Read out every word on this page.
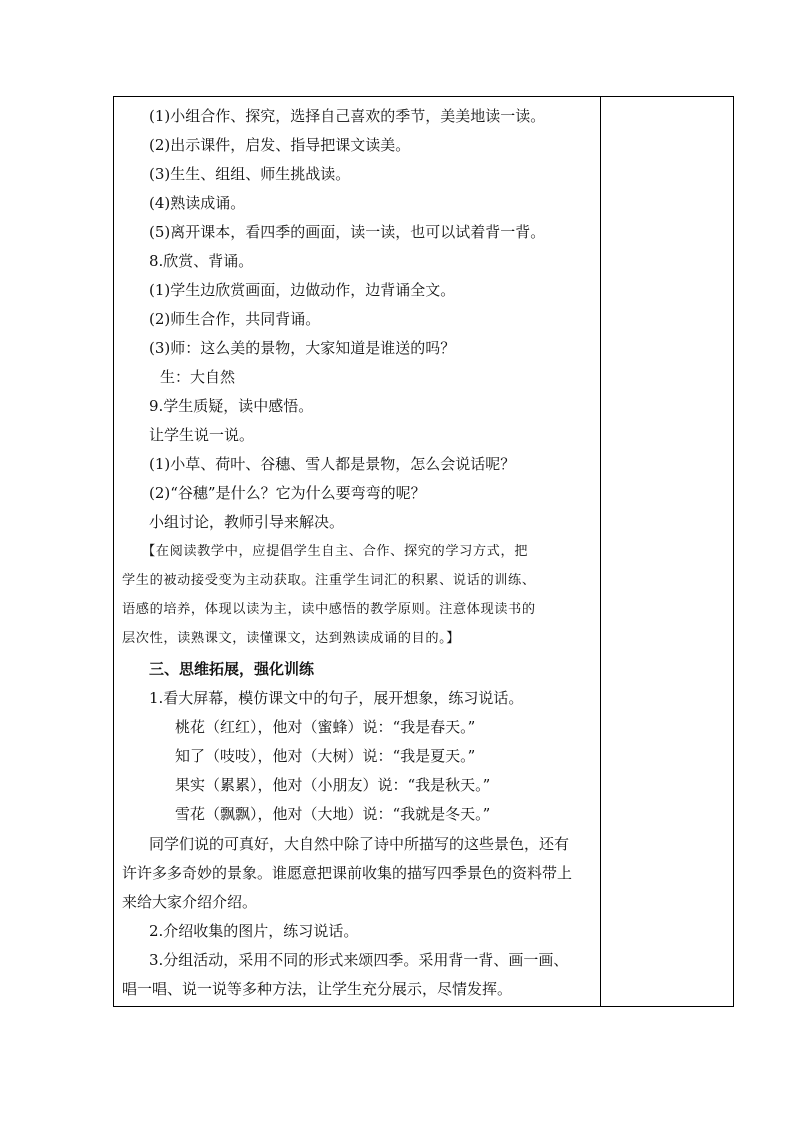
(1)小组合作、探究，选择自己喜欢的季节，美美地读一读。
(2)出示课件，启发、指导把课文读美。
(3)生生、组组、师生挑战读。
(4)熟读成诵。
(5)离开课本，看四季的画面，读一读，也可以试着背一背。
8.欣赏、背诵。
(1)学生边欣赏画面，边做动作，边背诵全文。
(2)师生合作，共同背诵。
(3)师：这么美的景物，大家知道是谁送的吗？
生：大自然
9.学生质疑，读中感悟。
让学生说一说。
(1)小草、荷叶、谷穗、雪人都是景物，怎么会说话呢？
(2)“谷穗”是什么？它为什么要弯弯的呢？
小组讨论，教师引导来解决。
【在阅读教学中，应提倡学生自主、合作、探究的学习方式，把
学生的被动接受变为主动获取。注重学生词汇的积累、说话的训练、
语感的培养，体现以读为主，读中感悟的教学原则。注意体现读书的
层次性，读熟课文，读懂课文，达到熟读成诵的目的。】
三、思维拓展，强化训练
1.看大屏幕，模仿课文中的句子，展开想象，练习说话。
桃花（红红），他对（蜜蜂）说：“我是春天。”
知了（吱吱），他对（大树）说：“我是夏天。”
果实（累累），他对（小朋友）说：“我是秋天。”
雪花（飘飘），他对（大地）说：“我就是冬天。”
同学们说的可真好，大自然中除了诗中所描写的这些景色，还有
许许多多奇妙的景象。谁愿意把课前收集的描写四季景色的资料带上
来给大家介绍介绍。
2.介绍收集的图片，练习说话。
3.分组活动，采用不同的形式来颂四季。采用背一背、画一画、
唱一唱、说一说等多种方法，让学生充分展示，尽情发挥。
